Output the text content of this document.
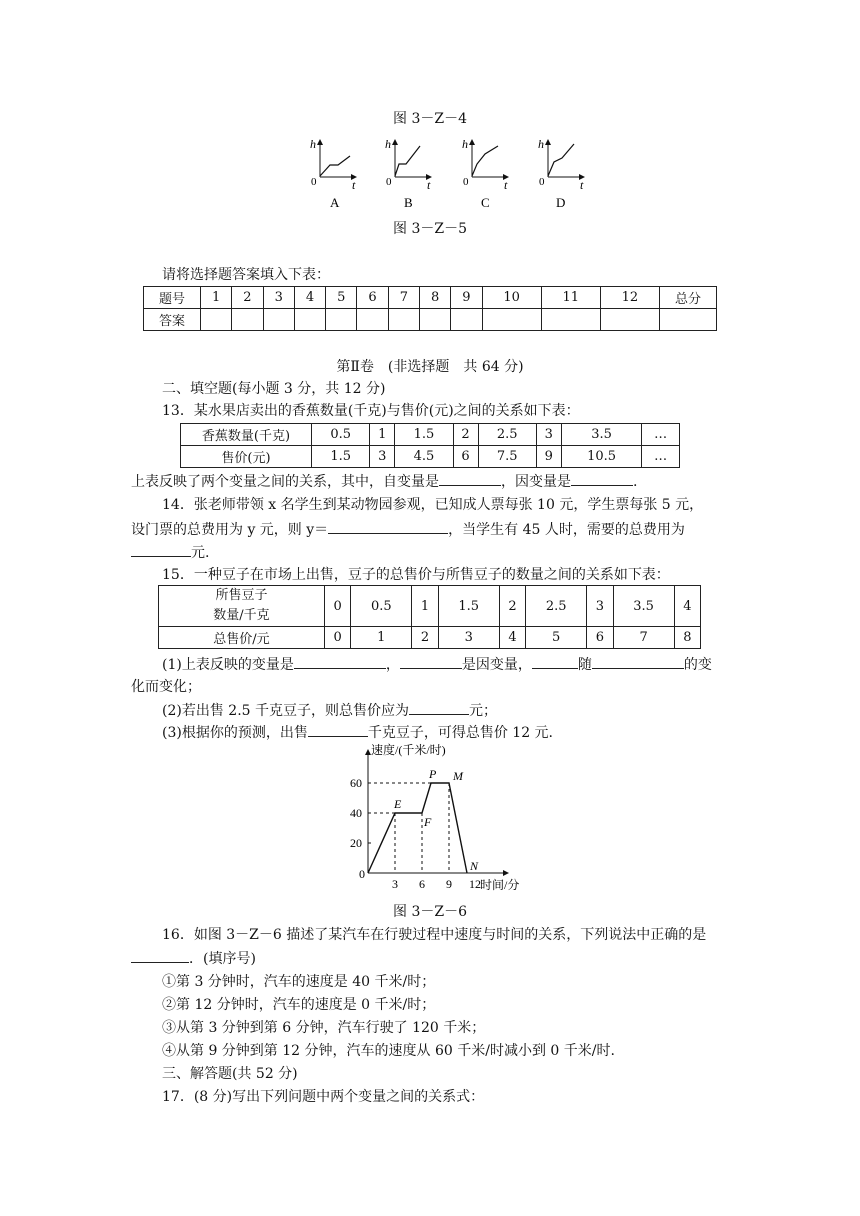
图 3－Z－4
h
t
0
A
h
t
0
B
h
t
0
C
h
t
0
D
图 3－Z－5
请将选择题答案填入下表：
题号	1	2	3	4	5	6	7	8	9	10	11	12	总分
答案													
第Ⅱ卷　(非选择题　共 64 分)
二、填空题(每小题 3 分，共 12 分)
13．某水果店卖出的香蕉数量(千克)与售价(元)之间的关系如下表：
香蕉数量(千克)	0.5	1	1.5	2	2.5	3	3.5	…
售价(元)	1.5	3	4.5	6	7.5	9	10.5	…
上表反映了两个变量之间的关系，其中，自变量是	，因变量是	.
14．张老师带领 x 名学生到某动物园参观，已知成人票每张 10 元，学生票每张 5 元，
设门票的总费用为 y 元，则 y＝	，当学生有 45 人时，需要的总费用为
元.
15．一种豆子在市场上出售，豆子的总售价与所售豆子的数量之间的关系如下表：
所售豆子
数量/千克	0	0.5	1	1.5	2	2.5	3	3.5	4
总售价/元	0	1	2	3	4	5	6	7	8
(1)上表反映的变量是	，	是因变量，	随	的变
化而变化；
(2)若出售 2.5 千克豆子，则总售价应为	元；
(3)根据你的预测，出售	千克豆子，可得总售价 12 元.
速度/(千米/时)
时间/分
0
20
40
60
3 6 9 12
E
F
P M
N
图 3－Z－6
16．如图 3－Z－6 描述了某汽车在行驶过程中速度与时间的关系，下列说法中正确的是
．(填序号)
①第 3 分钟时，汽车的速度是 40 千米/时；
②第 12 分钟时，汽车的速度是 0 千米/时；
③从第 3 分钟到第 6 分钟，汽车行驶了 120 千米；
④从第 9 分钟到第 12 分钟，汽车的速度从 60 千米/时减小到 0 千米/时.
三、解答题(共 52 分)
17．(8 分)写出下列问题中两个变量之间的关系式：
